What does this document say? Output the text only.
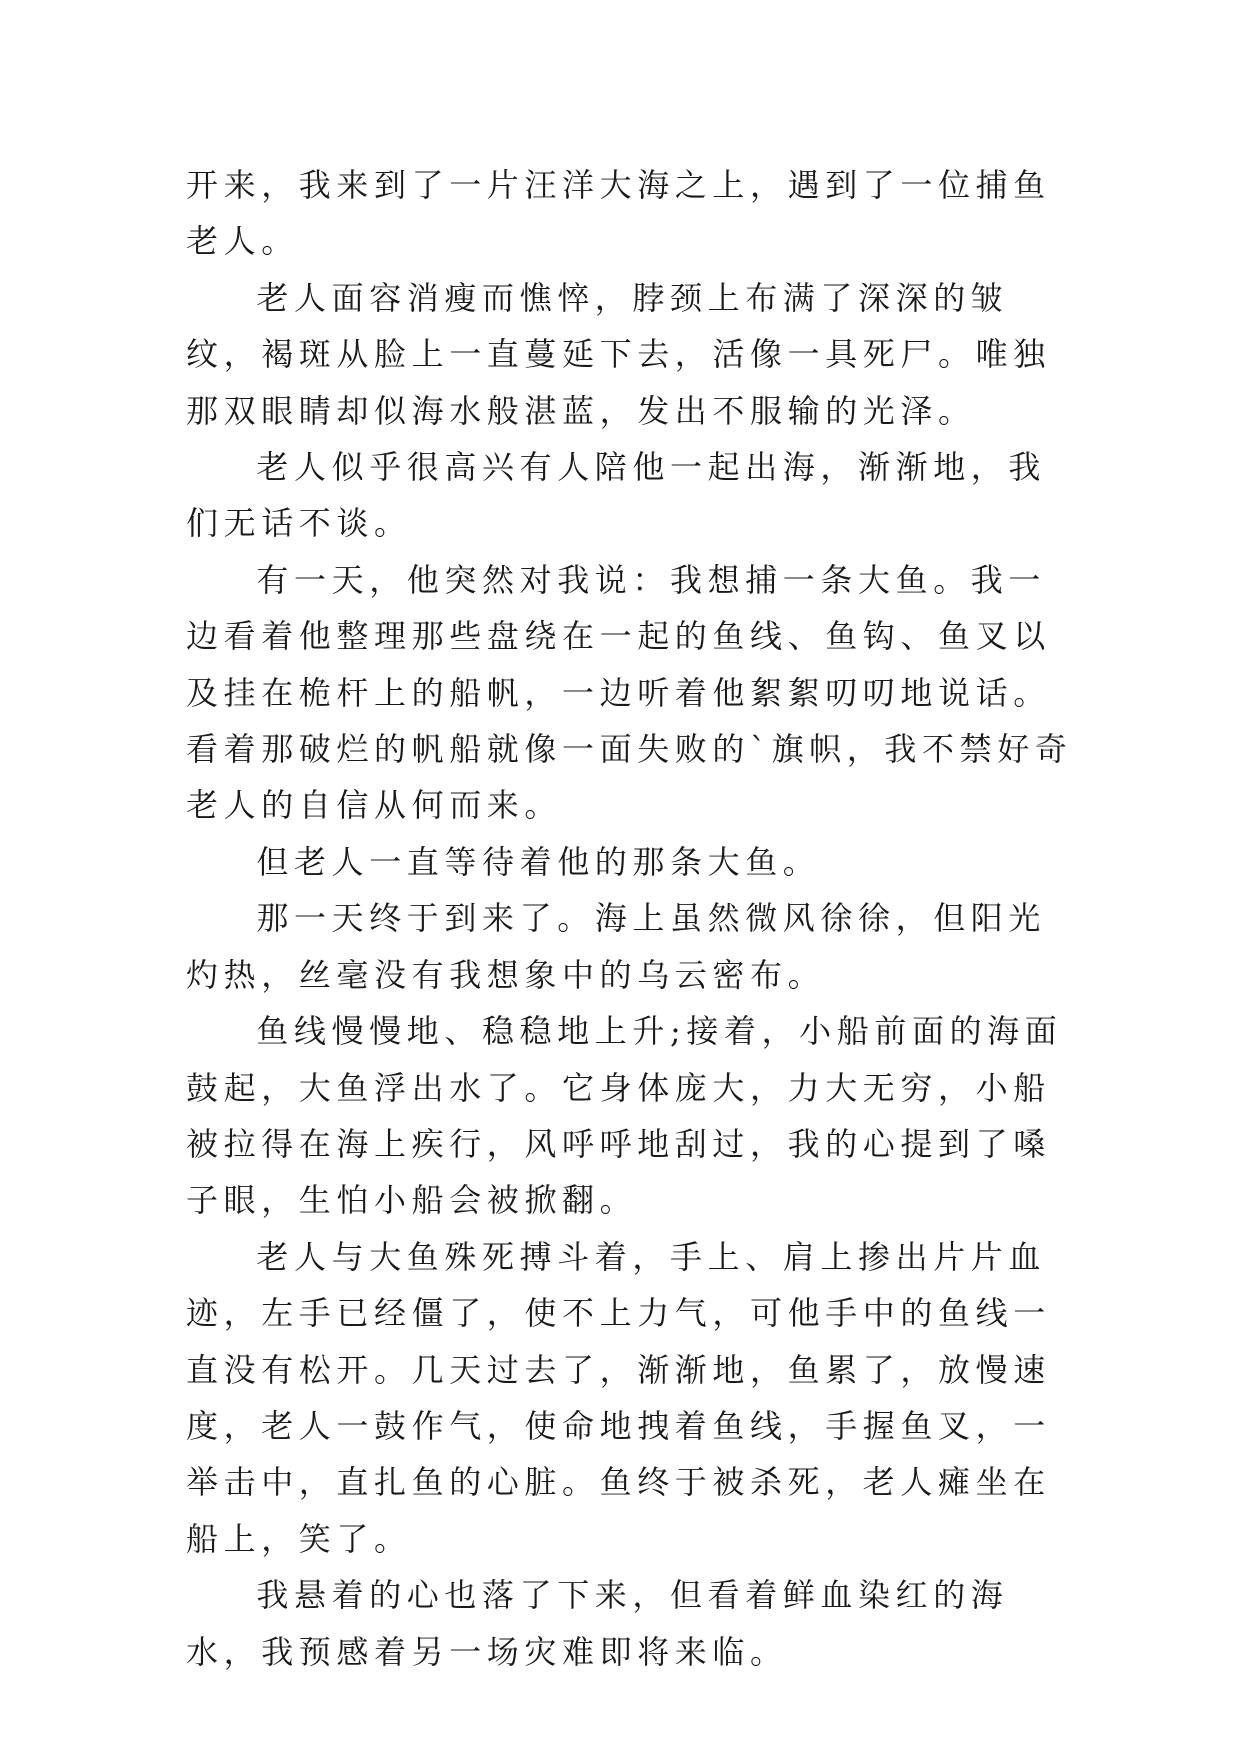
开来，我来到了一片汪洋大海之上，遇到了一位捕鱼老人。

老人面容消瘦而憔悴，脖颈上布满了深深的皱纹，褐斑从脸上一直蔓延下去，活像一具死尸。唯独那双眼睛却似海水般湛蓝，发出不服输的光泽。

老人似乎很高兴有人陪他一起出海，渐渐地，我们无话不谈。

有一天，他突然对我说：我想捕一条大鱼。我一边看着他整理那些盘绕在一起的鱼线、鱼钩、鱼叉以及挂在桅杆上的船帆，一边听着他絮絮叨叨地说话。看着那破烂的帆船就像一面失败的`旗帜，我不禁好奇老人的自信从何而来。

但老人一直等待着他的那条大鱼。

那一天终于到来了。海上虽然微风徐徐，但阳光灼热，丝毫没有我想象中的乌云密布。

鱼线慢慢地、稳稳地上升;接着，小船前面的海面鼓起，大鱼浮出水了。它身体庞大，力大无穷，小船被拉得在海上疾行，风呼呼地刮过，我的心提到了嗓子眼，生怕小船会被掀翻。

老人与大鱼殊死搏斗着，手上、肩上掺出片片血迹，左手已经僵了，使不上力气，可他手中的鱼线一直没有松开。几天过去了，渐渐地，鱼累了，放慢速度，老人一鼓作气，使命地拽着鱼线，手握鱼叉，一举击中，直扎鱼的心脏。鱼终于被杀死，老人瘫坐在船上，笑了。

我悬着的心也落了下来，但看着鲜血染红的海水，我预感着另一场灾难即将来临。
